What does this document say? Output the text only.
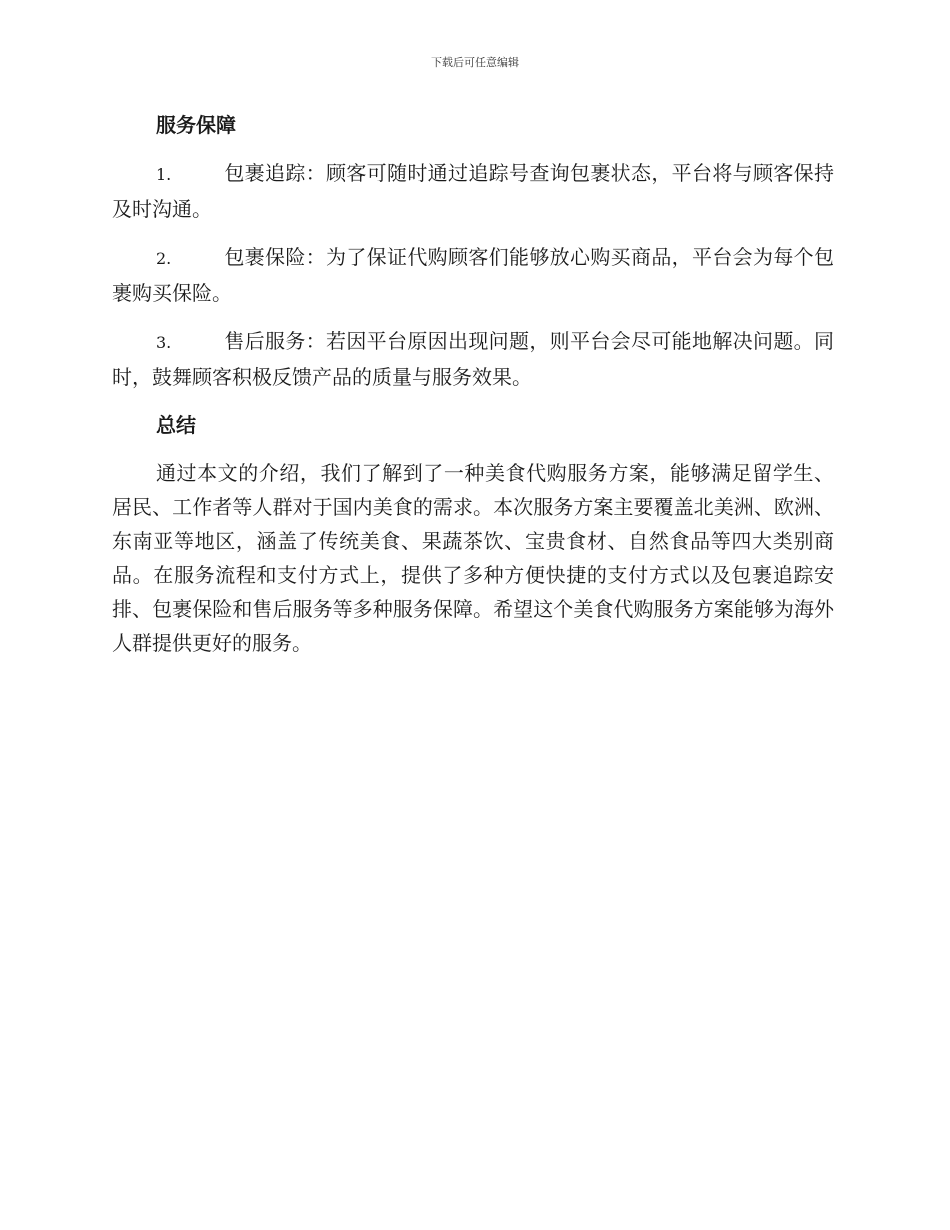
下载后可任意编辑
服务保障

1.	包裹追踪：顾客可随时通过追踪号查询包裹状态，平台将与顾客保持及时沟通。

2.	包裹保险：为了保证代购顾客们能够放心购买商品，平台会为每个包裹购买保险。

3.	售后服务：若因平台原因出现问题，则平台会尽可能地解决问题。同时，鼓舞顾客积极反馈产品的质量与服务效果。

总结

通过本文的介绍，我们了解到了一种美食代购服务方案，能够满足留学生、居民、工作者等人群对于国内美食的需求。本次服务方案主要覆盖北美洲、欧洲、东南亚等地区，涵盖了传统美食、果蔬茶饮、宝贵食材、自然食品等四大类别商品。在服务流程和支付方式上，提供了多种方便快捷的支付方式以及包裹追踪安排、包裹保险和售后服务等多种服务保障。希望这个美食代购服务方案能够为海外人群提供更好的服务。
